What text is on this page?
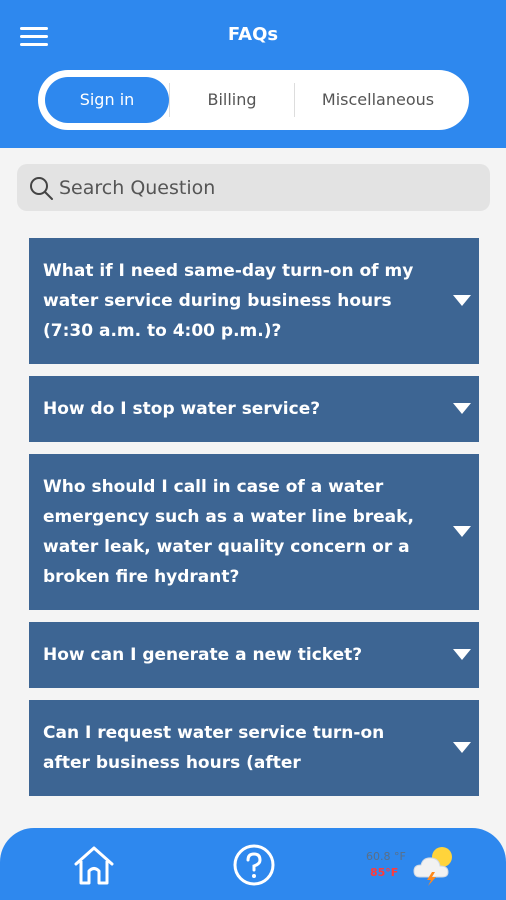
FAQs
Sign in	Billing	Miscellaneous
Search Question
What if I need same-day turn-on of my water service during business hours (7:30 a.m. to 4:00 p.m.)?
How do I stop water service?
Who should I call in case of a water emergency such as a water line break, water leak, water quality concern or a broken fire hydrant?
How can I generate a new ticket?
Can I request water service turn-on after business hours (after
60.8 °F
85°F
